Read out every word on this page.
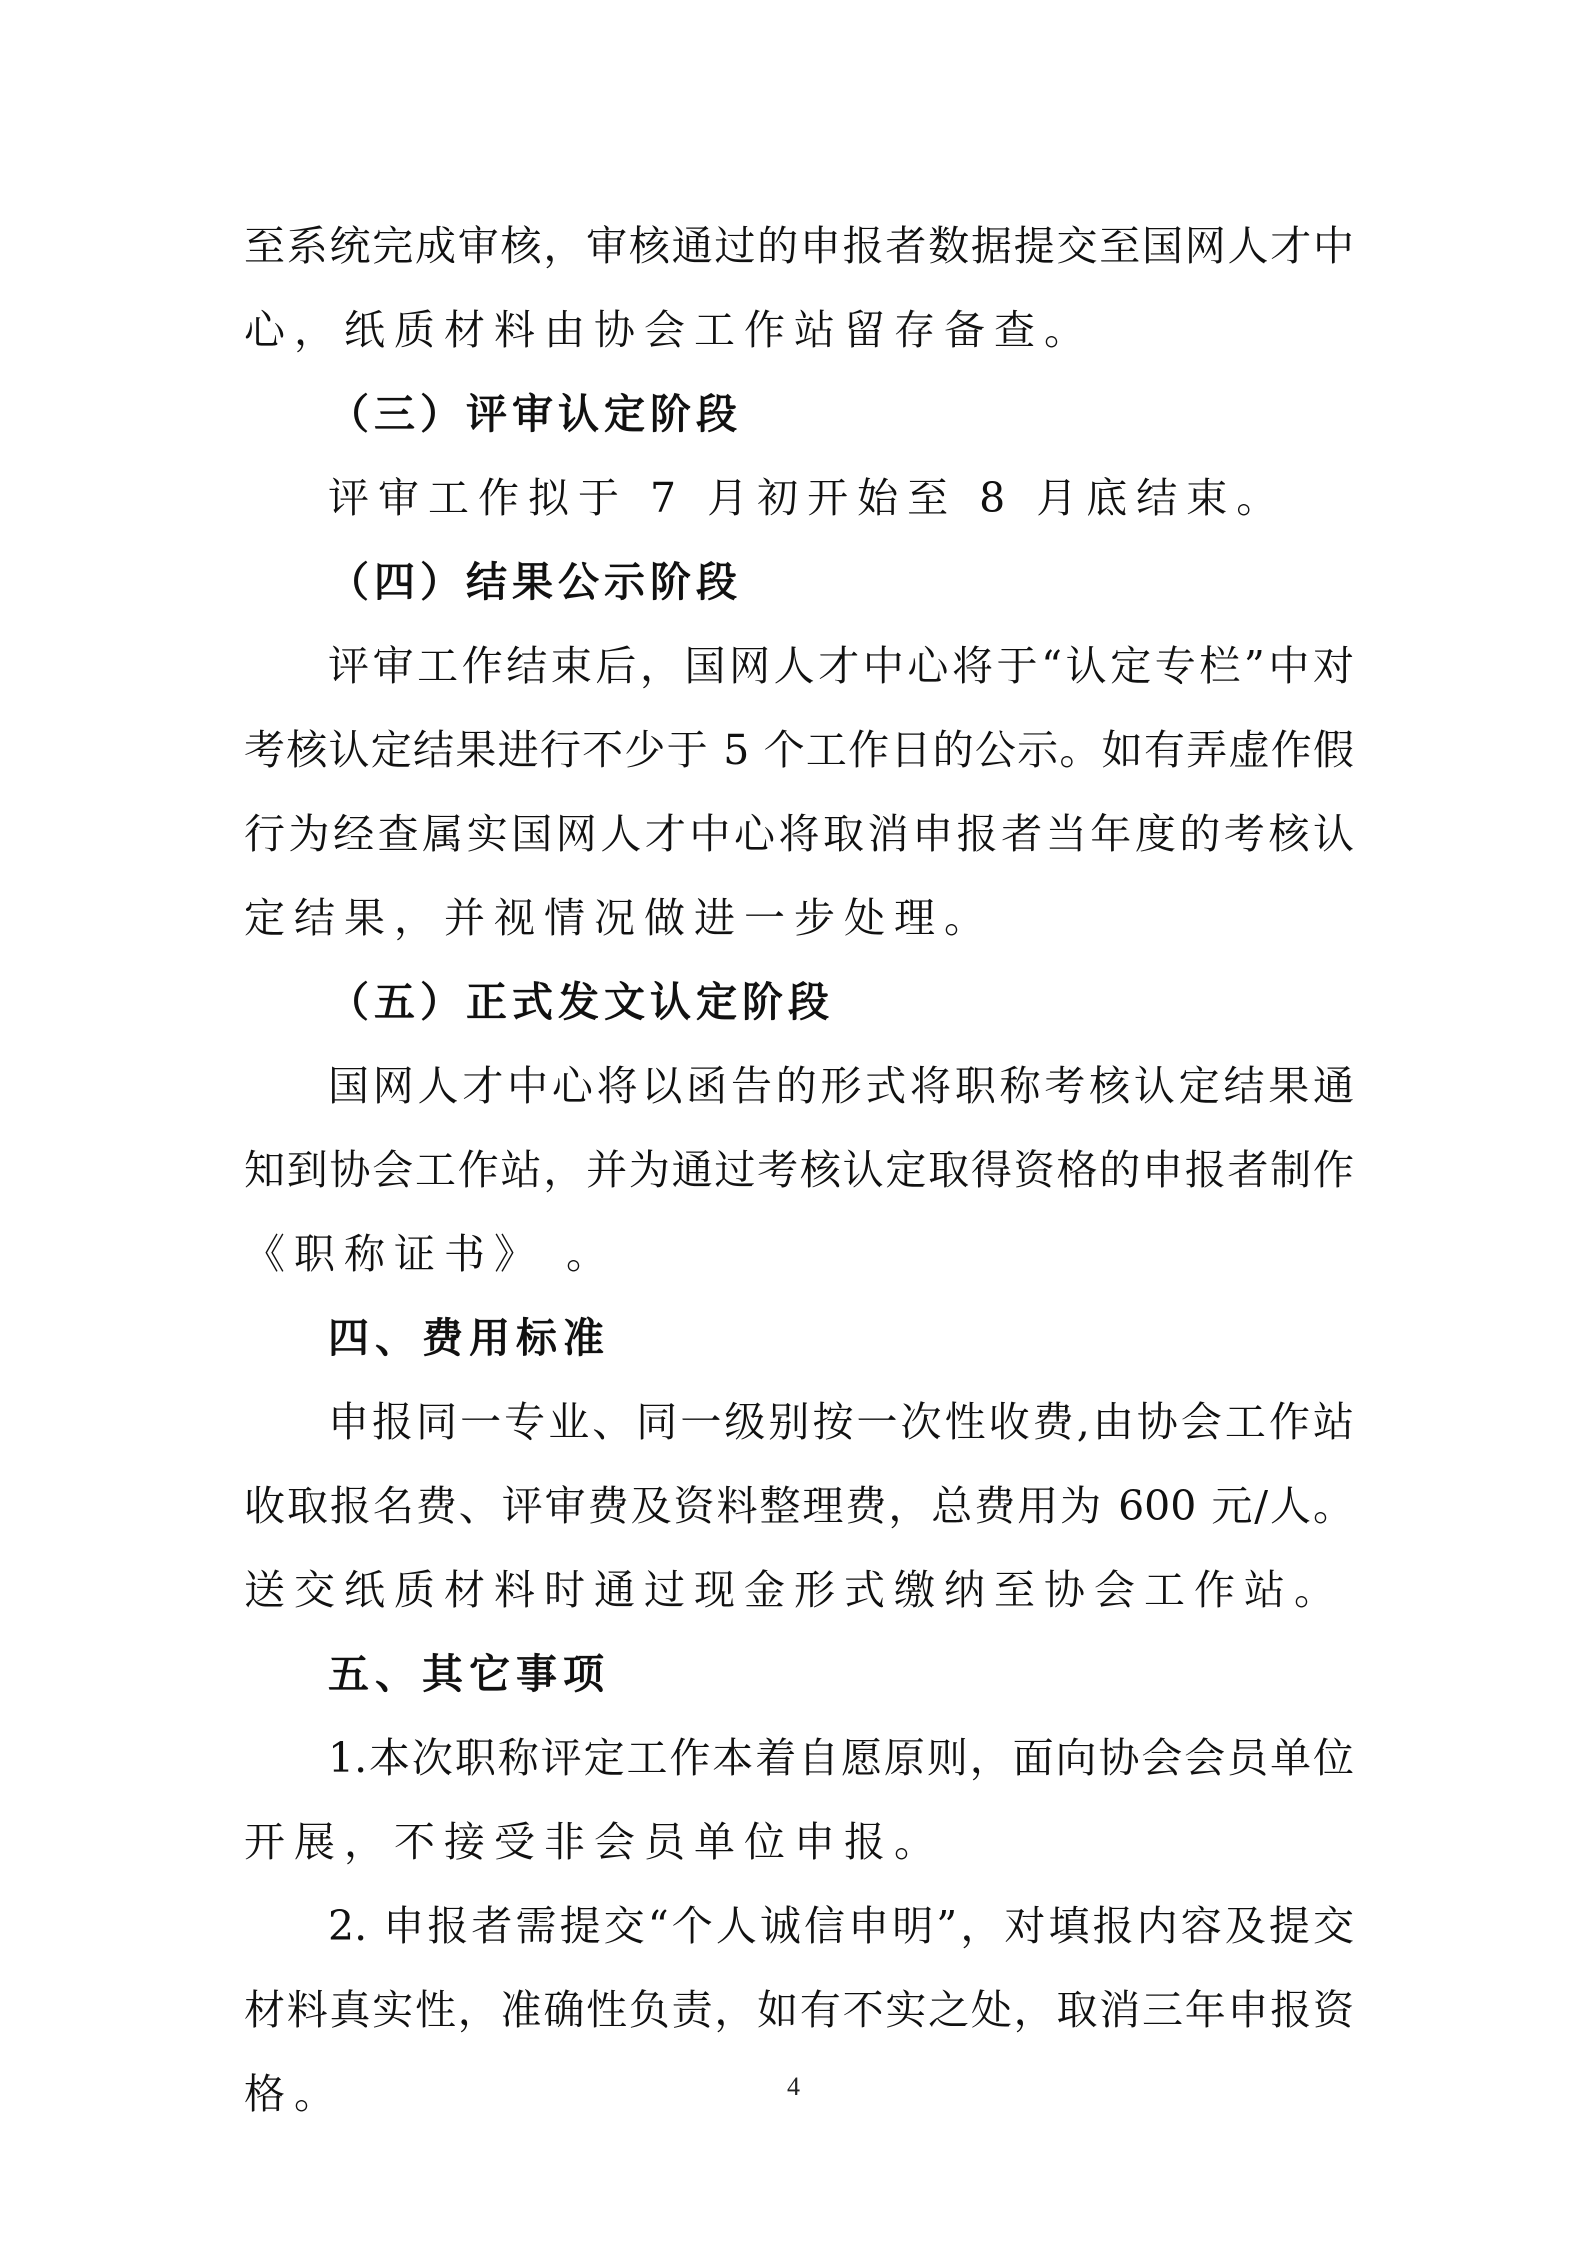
至系统完成审核，审核通过的申报者数据提交至国网人才中
心，纸质材料由协会工作站留存备查。
（三）评审认定阶段
评审工作拟于 7 月初开始至 8 月底结束。
（四）结果公示阶段
评审工作结束后，国网人才中心将于“认定专栏”中对
考核认定结果进行不少于 5 个工作日的公示。如有弄虚作假
行为经查属实国网人才中心将取消申报者当年度的考核认
定结果，并视情况做进一步处理。
（五）正式发文认定阶段
国网人才中心将以函告的形式将职称考核认定结果通
知到协会工作站，并为通过考核认定取得资格的申报者制作
《职称证书》 。
四、费用标准
申报同一专业、同一级别按一次性收费,由协会工作站
收取报名费、评审费及资料整理费，总费用为 600 元/人。
送交纸质材料时通过现金形式缴纳至协会工作站。
五、其它事项
1.本次职称评定工作本着自愿原则，面向协会会员单位
开展，不接受非会员单位申报。
2. 申报者需提交“个人诚信申明”，对填报内容及提交
材料真实性，准确性负责，如有不实之处，取消三年申报资
格。	4
